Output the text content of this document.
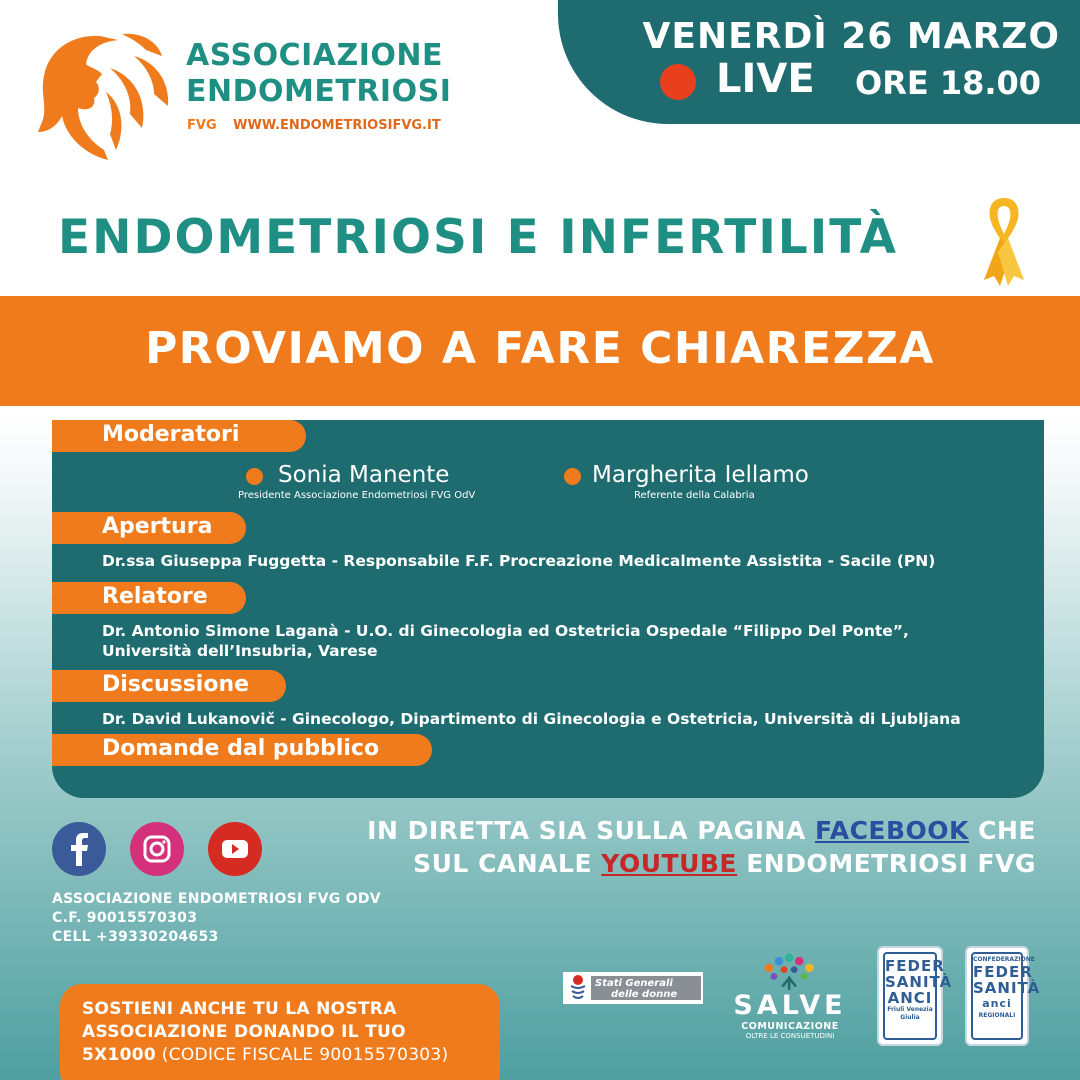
ASSOCIAZIONE
ENDOMETRIOSI
FVG WWW.ENDOMETRIOSIFVG.IT
VENERDÌ 26 MARZO
LIVE ORE 18.00
ENDOMETRIOSI E INFERTILITÀ
PROVIAMO A FARE CHIAREZZA
Moderatori
Sonia Manente
Presidente Associazione Endometriosi FVG OdV
Margherita Iellamo
Referente della Calabria
Apertura
Dr.ssa Giuseppa Fuggetta - Responsabile F.F. Procreazione Medicalmente Assistita - Sacile (PN)
Relatore
Dr. Antonio Simone Laganà - U.O. di Ginecologia ed Ostetricia Ospedale “Filippo Del Ponte”,
Università dell’Insubria, Varese
Discussione
Dr. David Lukanovič - Ginecologo, Dipartimento di Ginecologia e Ostetricia, Università di Ljubljana
Domande dal pubblico
IN DIRETTA SIA SULLA PAGINA FACEBOOK CHE
SUL CANALE YOUTUBE ENDOMETRIOSI FVG
ASSOCIAZIONE ENDOMETRIOSI FVG ODV
C.F. 90015570303
CELL +39330204653
SOSTIENI ANCHE TU LA NOSTRA
ASSOCIAZIONE DONANDO IL TUO
5X1000 (CODICE FISCALE 90015570303)
Stati Generali
delle donne SALVE
COMUNICAZIONE
OLTRE LE CONSUETUDINI
FEDER
SANITÀ
ANCI
Friuli Venezia Giulia
CONFEDERAZIONE
FEDER
SANITÀ
anci
REGIONALI
